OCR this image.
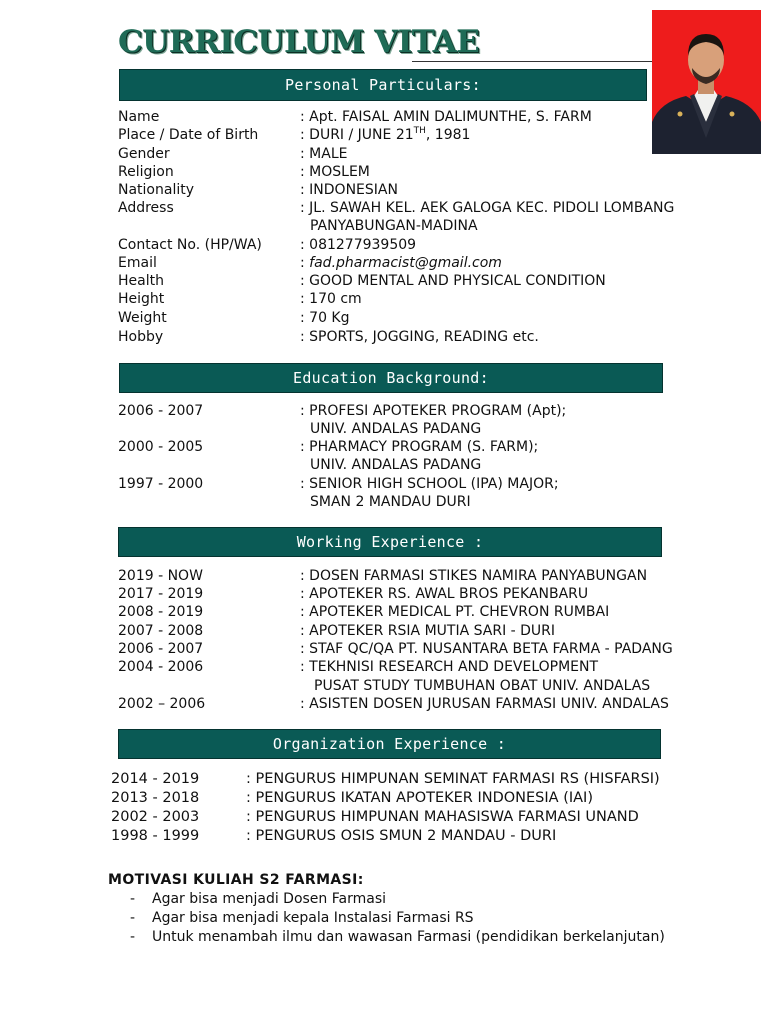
CURRICULUM VITAE
Personal Particulars:
Education Background:
Working Experience :
Organization Experience :
Name	: Apt. FAISAL AMIN DALIMUNTHE, S. FARM
Place / Date of Birth	: DURI / JUNE 21TH, 1981
Gender	: MALE
Religion	: MOSLEM
Nationality	: INDONESIAN
Address	: JL. SAWAH KEL. AEK GALOGA KEC. PIDOLI LOMBANG
PANYABUNGAN-MADINA
Contact No. (HP/WA)	: 081277939509
Email	: fad.pharmacist@gmail.com
Health	: GOOD MENTAL AND PHYSICAL CONDITION
Height	: 170 cm
Weight	: 70 Kg
Hobby	: SPORTS, JOGGING, READING etc.
2006 - 2007	: PROFESI APOTEKER PROGRAM (Apt);
UNIV. ANDALAS PADANG
2000 - 2005	: PHARMACY PROGRAM (S. FARM);
UNIV. ANDALAS PADANG
1997 - 2000	: SENIOR HIGH SCHOOL (IPA) MAJOR;
SMAN 2 MANDAU DURI
2019 - NOW	: DOSEN FARMASI STIKES NAMIRA PANYABUNGAN
2017 - 2019	: APOTEKER RS. AWAL BROS PEKANBARU
2008 - 2019	: APOTEKER MEDICAL PT. CHEVRON RUMBAI
2007 - 2008	: APOTEKER RSIA MUTIA SARI - DURI
2006 - 2007	: STAF QC/QA PT. NUSANTARA BETA FARMA - PADANG
2004 - 2006	: TEKHNISI RESEARCH AND DEVELOPMENT
PUSAT STUDY TUMBUHAN OBAT UNIV. ANDALAS
2002 – 2006	: ASISTEN DOSEN JURUSAN FARMASI UNIV. ANDALAS
2014 - 2019	: PENGURUS HIMPUNAN SEMINAT FARMASI RS (HISFARSI)
2013 - 2018	: PENGURUS IKATAN APOTEKER INDONESIA (IAI)
2002 - 2003	: PENGURUS HIMPUNAN MAHASISWA FARMASI UNAND
1998 - 1999	: PENGURUS OSIS SMUN 2 MANDAU - DURI
MOTIVASI KULIAH S2 FARMASI:
- Agar bisa menjadi Dosen Farmasi
- Agar bisa menjadi kepala Instalasi Farmasi RS
- Untuk menambah ilmu dan wawasan Farmasi (pendidikan berkelanjutan)
